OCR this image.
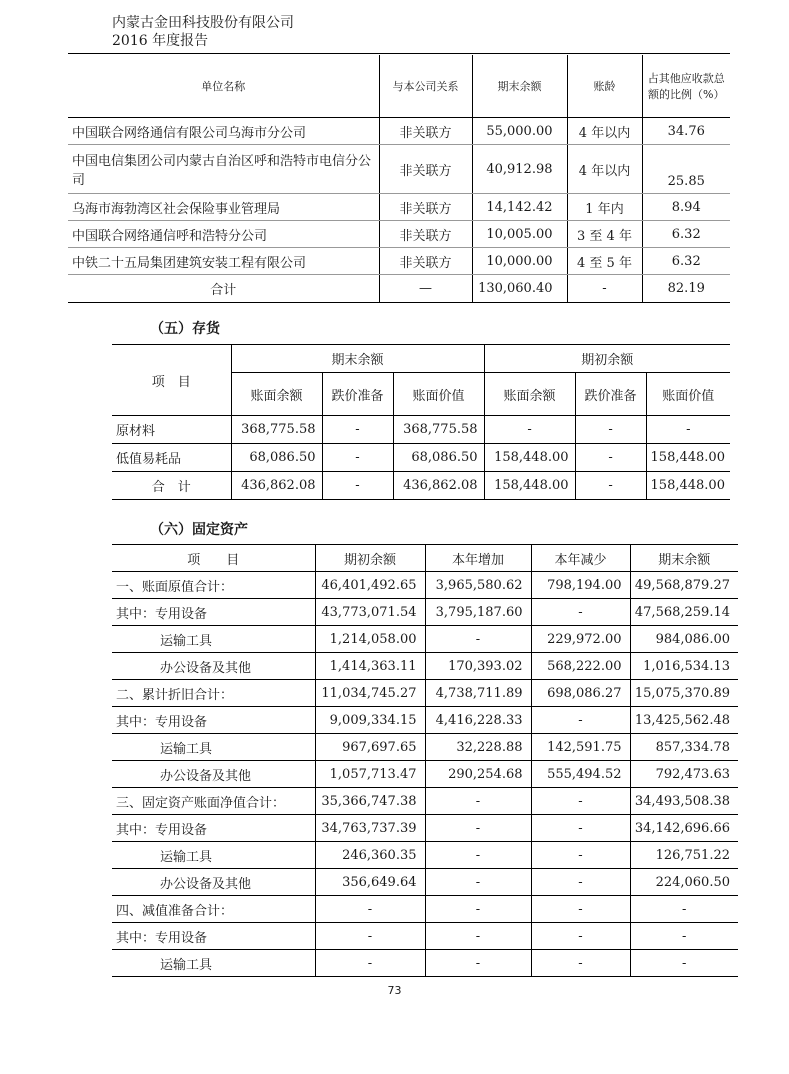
内蒙古金田科技股份有限公司
2016 年度报告
单位名称	与本公司关系	期末余额	账龄	占其他应收款总额的比例（%）
中国联合网络通信有限公司乌海市分公司	非关联方	55,000.00	4 年以内	34.76
中国电信集团公司内蒙古自治区呼和浩特市电信分公司	非关联方	40,912.98	4 年以内	25.85
乌海市海勃湾区社会保险事业管理局	非关联方	14,142.42	1 年内	8.94
中国联合网络通信呼和浩特分公司	非关联方	10,005.00	3 至 4 年	6.32
中铁二十五局集团建筑安装工程有限公司	非关联方	10,000.00	4 至 5 年	6.32
合计	—	130,060.40	-	82.19
（五）存货
项　目	期末余额			期初余额		
	账面余额	跌价准备	账面价值	账面余额	跌价准备	账面价值
原材料	368,775.58	-	368,775.58	-	-	-
低值易耗品	68,086.50	-	68,086.50	158,448.00	-	158,448.00
合　计	436,862.08	-	436,862.08	158,448.00	-	158,448.00
（六）固定资产
项　　目	期初余额	本年增加	本年减少	期末余额
一、账面原值合计：	46,401,492.65	3,965,580.62	798,194.00	49,568,879.27
其中：专用设备	43,773,071.54	3,795,187.60	-	47,568,259.14
运输工具	1,214,058.00	-	229,972.00	984,086.00
办公设备及其他	1,414,363.11	170,393.02	568,222.00	1,016,534.13
二、累计折旧合计：	11,034,745.27	4,738,711.89	698,086.27	15,075,370.89
其中：专用设备	9,009,334.15	4,416,228.33	-	13,425,562.48
运输工具	967,697.65	32,228.88	142,591.75	857,334.78
办公设备及其他	1,057,713.47	290,254.68	555,494.52	792,473.63
三、固定资产账面净值合计：	35,366,747.38	-	-	34,493,508.38
其中：专用设备	34,763,737.39	-	-	34,142,696.66
运输工具	246,360.35	-	-	126,751.22
办公设备及其他	356,649.64	-	-	224,060.50
四、减值准备合计：	-	-	-	-
其中：专用设备	-	-	-	-
运输工具	-	-	-	-
73
